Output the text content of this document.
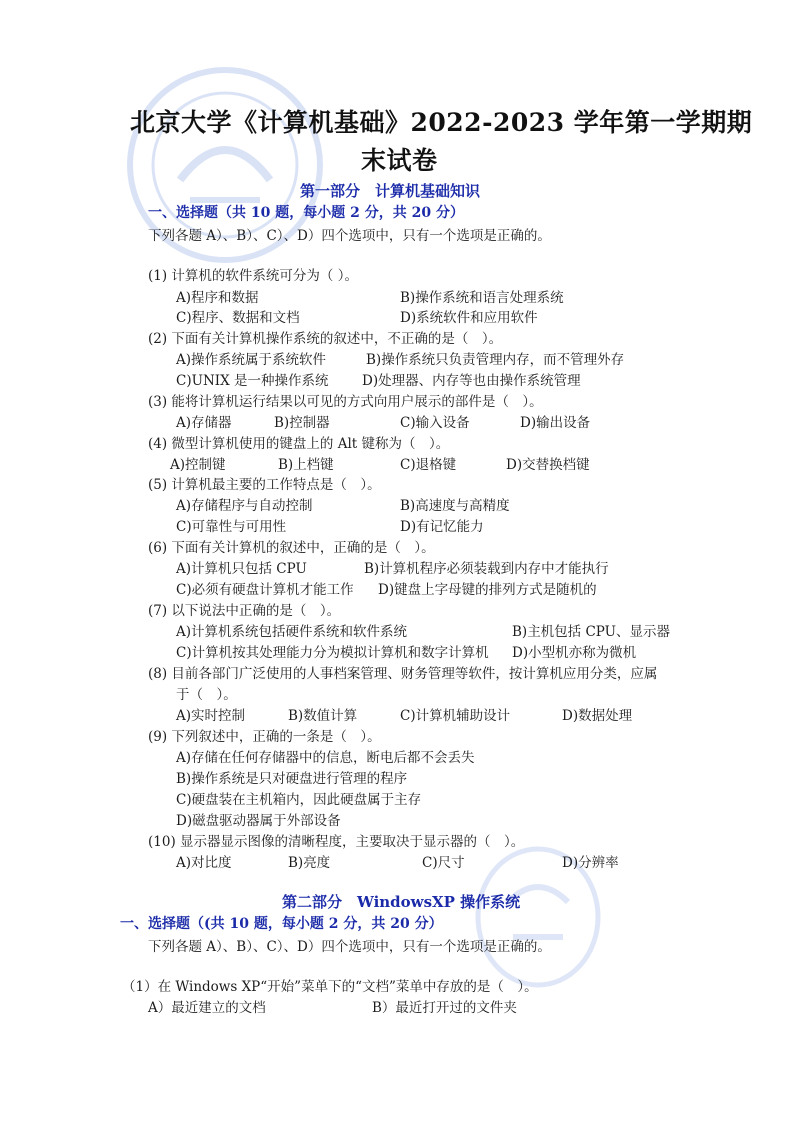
北京大学《计算机基础》2022-2023 学年第一学期期
末试卷
第一部分　计算机基础知识
一、选择题（共 10 题，每小题 2 分，共 20 分）
下列各题 A）、B）、C）、D）四个选项中，只有一个选项是正确的。
(1) 计算机的软件系统可分为（ ）。
A)程序和数据	B)操作系统和语言处理系统
C)程序、数据和文档	D)系统软件和应用软件
(2) 下面有关计算机操作系统的叙述中，不正确的是（　）。
A)操作系统属于系统软件	B)操作系统只负责管理内存，而不管理外存
C)UNIX 是一种操作系统 D)处理器、内存等也由操作系统管理
(3) 能将计算机运行结果以可见的方式向用户展示的部件是（　）。
A)存储器	B)控制器	C)输入设备	D)输出设备
(4) 微型计算机使用的键盘上的 Alt 键称为（　）。
A)控制键	B)上档键	C)退格键	D)交替换档键
(5) 计算机最主要的工作特点是（　）。
A)存储程序与自动控制	B)高速度与高精度
C)可靠性与可用性	D)有记忆能力
(6) 下面有关计算机的叙述中，正确的是（　）。
A)计算机只包括 CPU	B)计算机程序必须装载到内存中才能执行
C)必须有硬盘计算机才能工作 D)键盘上字母键的排列方式是随机的
(7) 以下说法中正确的是（　）。
A)计算机系统包括硬件系统和软件系统	B)主机包括 CPU、显示器
C)计算机按其处理能力分为模拟计算机和数字计算机 D)小型机亦称为微机
(8) 目前各部门广泛使用的人事档案管理、财务管理等软件，按计算机应用分类，应属
于（　）。
A)实时控制	B)数值计算	C)计算机辅助设计	D)数据处理
(9) 下列叙述中，正确的一条是（　）。
A)存储在任何存储器中的信息，断电后都不会丢失
B)操作系统是只对硬盘进行管理的程序
C)硬盘装在主机箱内，因此硬盘属于主存
D)磁盘驱动器属于外部设备
(10) 显示器显示图像的清晰程度，主要取决于显示器的（　）。
A)对比度	B)亮度	C)尺寸	D)分辨率
第二部分　WindowsXP 操作系统
一、选择题（(共 10 题，每小题 2 分，共 20 分）
下列各题 A）、B）、C）、D）四个选项中，只有一个选项是正确的。
（1）在 Windows XP“开始”菜单下的“文档”菜单中存放的是（　）。
A）最近建立的文档	B）最近打开过的文件夹
